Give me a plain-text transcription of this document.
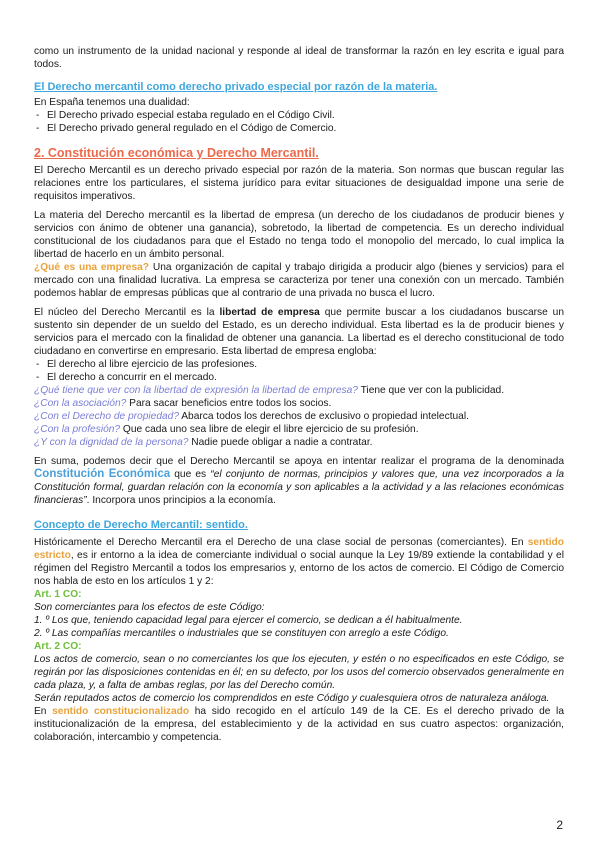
como un instrumento de la unidad nacional y responde al ideal de transformar la razón en ley escrita e igual para todos.

El Derecho mercantil como derecho privado especial por razón de la materia.

En España tenemos una dualidad:

- El Derecho privado especial estaba regulado en el Código Civil.
- El Derecho privado general regulado en el Código de Comercio.
2. Constitución económica y Derecho Mercantil.

El Derecho Mercantil es un derecho privado especial por razón de la materia. Son normas que buscan regular las relaciones entre los particulares, el sistema jurídico para evitar situaciones de desigualdad impone una serie de requisitos imperativos.

La materia del Derecho mercantil es la libertad de empresa (un derecho de los ciudadanos de producir bienes y servicios con ánimo de obtener una ganancia), sobretodo, la libertad de competencia. Es un derecho individual constitucional de los ciudadanos para que el Estado no tenga todo el monopolio del mercado, lo cual implica la libertad de hacerlo en un ámbito personal.

¿Qué es una empresa? Una organización de capital y trabajo dirigida a producir algo (bienes y servicios) para el mercado con una finalidad lucrativa. La empresa se caracteriza por tener una conexión con un mercado. También podemos hablar de empresas públicas que al contrario de una privada no busca el lucro.

El núcleo del Derecho Mercantil es la libertad de empresa que permite buscar a los ciudadanos buscarse un sustento sin depender de un sueldo del Estado, es un derecho individual. Esta libertad es la de producir bienes y servicios para el mercado con la finalidad de obtener una ganancia. La libertad es el derecho constitucional de todo ciudadano en convertirse en empresario. Esta libertad de empresa engloba:

- El derecho al libre ejercicio de las profesiones.
- El derecho a concurrir en el mercado.

¿Qué tiene que ver con la libertad de expresión la libertad de empresa? Tiene que ver con la publicidad.

¿Con la asociación? Para sacar beneficios entre todos los socios.

¿Con el Derecho de propiedad? Abarca todos los derechos de exclusivo o propiedad intelectual.

¿Con la profesión? Que cada uno sea libre de elegir el libre ejercicio de su profesión.

¿Y con la dignidad de la persona? Nadie puede obligar a nadie a contratar.

En suma, podemos decir que el Derecho Mercantil se apoya en intentar realizar el programa de la denominada Constitución Económica que es “el conjunto de normas, principios y valores que, una vez incorporados a la Constitución formal, guardan relación con la economía y son aplicables a la actividad y a las relaciones económicas financieras”. Incorpora unos principios a la economía.

Concepto de Derecho Mercantil: sentido.

Históricamente el Derecho Mercantil era el Derecho de una clase social de personas (comerciantes). En sentido estricto, es ir entorno a la idea de comerciante individual o social aunque la Ley 19/89 extiende la contabilidad y el régimen del Registro Mercantil a todos los empresarios y, entorno de los actos de comercio. El Código de Comercio nos habla de esto en los artículos 1 y 2:

Art. 1 CO:

Son comerciantes para los efectos de este Código:

1. º Los que, teniendo capacidad legal para ejercer el comercio, se dedican a él habitualmente.

2. º Las compañías mercantiles o industriales que se constituyen con arreglo a este Código.

Art. 2 CO:

Los actos de comercio, sean o no comerciantes los que los ejecuten, y estén o no especificados en este Código, se regirán por las disposiciones contenidas en él; en su defecto, por los usos del comercio observados generalmente en cada plaza, y, a falta de ambas reglas, por las del Derecho común.

Serán reputados actos de comercio los comprendidos en este Código y cualesquiera otros de naturaleza análoga.

En sentido constitucionalizado ha sido recogido en el artículo 149 de la CE. Es el derecho privado de la institucionalización de la empresa, del establecimiento y de la actividad en sus cuatro aspectos: organización, colaboración, intercambio y competencia.

2
